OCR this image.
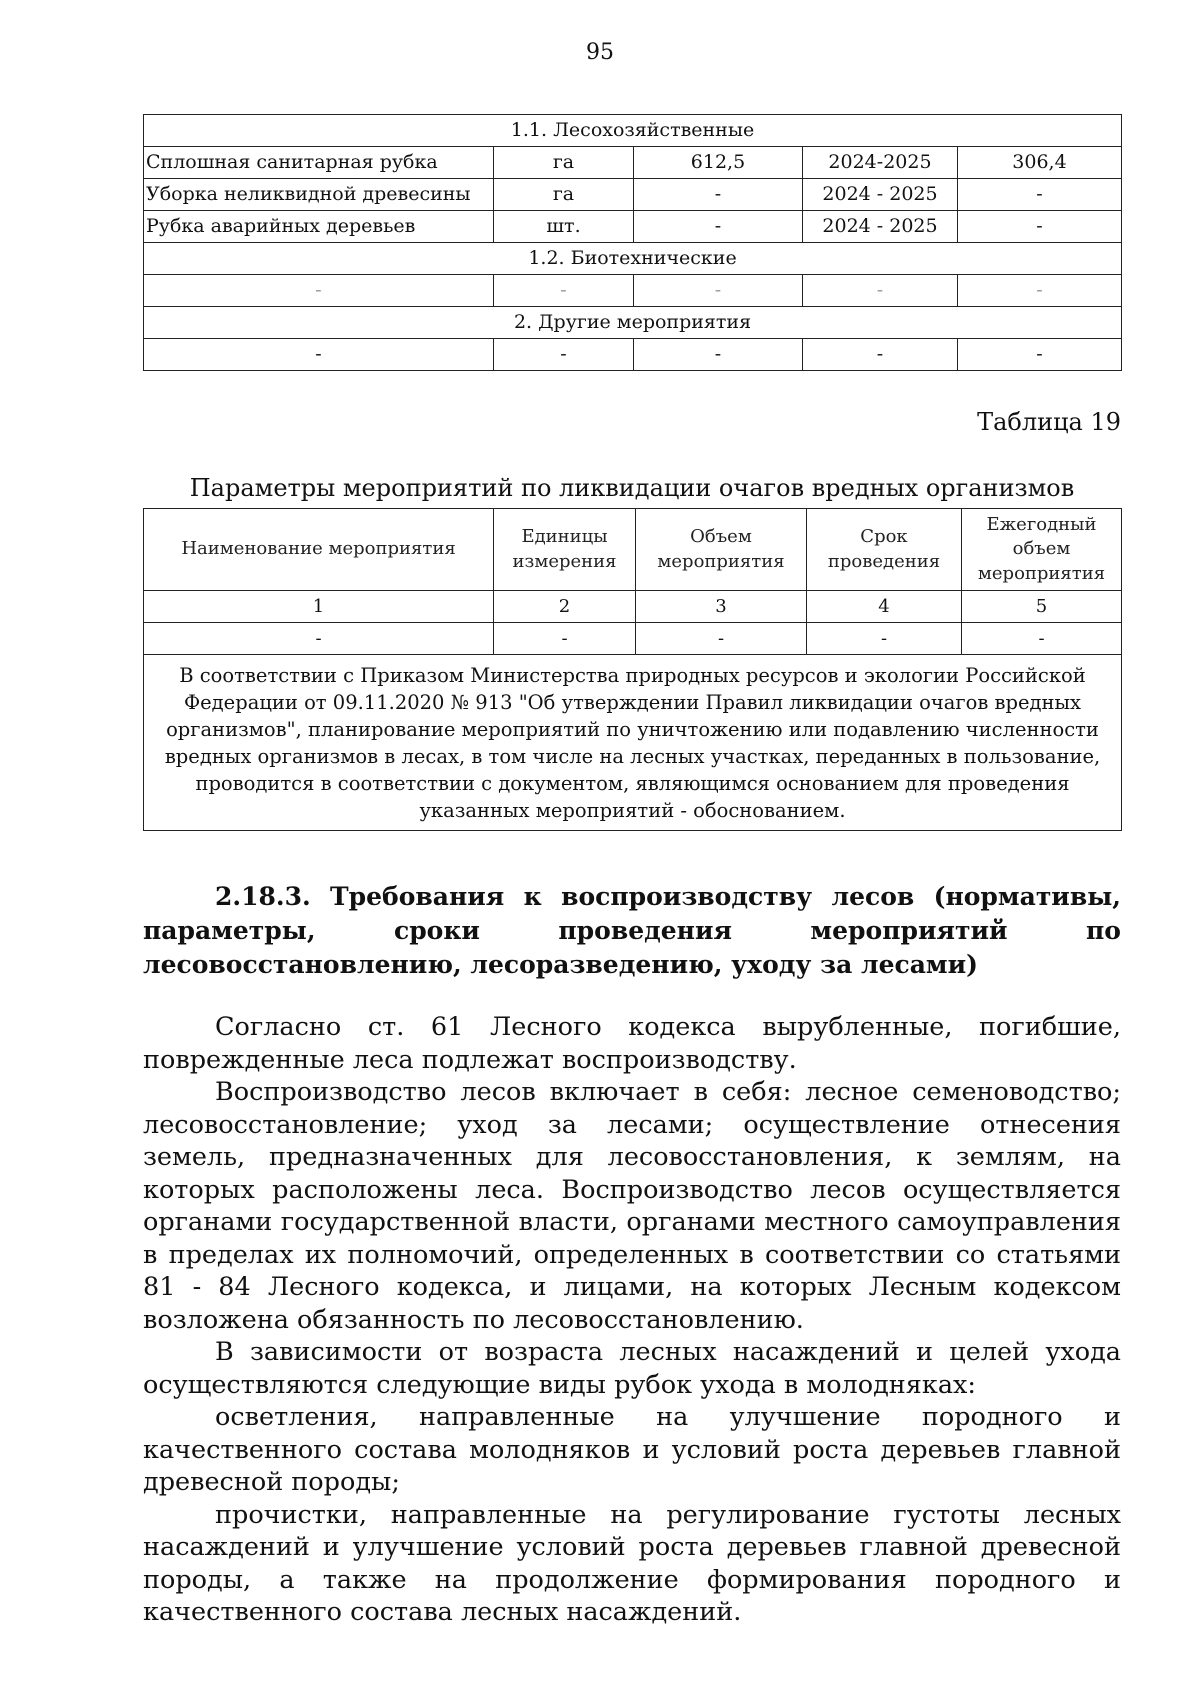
95
1.1. Лесохозяйственные				
Сплошная санитарная рубка	га	612,5	2024-2025	306,4
Уборка неликвидной древесины	га	-	2024 - 2025	-
Рубка аварийных деревьев	шт.	-	2024 - 2025	-
1.2. Биотехнические				
-	-	-	-	-
2. Другие мероприятия				
-	-	-	-	-
Таблица 19
Параметры мероприятий по ликвидации очагов вредных организмов
Наименование мероприятия	Единицы измерения	Объем мероприятия	Срок проведения	Ежегодный объем мероприятия
1	2	3	4	5
-	-	-	-	-
В соответствии с Приказом Министерства природных ресурсов и экологии Российской Федерации от 09.11.2020 № 913 "Об утверждении Правил ликвидации очагов вредных организмов", планирование мероприятий по уничтожению или подавлению численности вредных организмов в лесах, в том числе на лесных участках, переданных в пользование, проводится в соответствии с документом, являющимся основанием для проведения указанных мероприятий - обоснованием.				
2.18.3. Требования к воспроизводству лесов (нормативы, параметры, сроки проведения мероприятий по лесовосстановлению, лесоразведению, уходу за лесами)

Согласно ст. 61 Лесного кодекса вырубленные, погибшие, поврежденные леса подлежат воспроизводству.

Воспроизводство лесов включает в себя: лесное семеноводство; лесовосстановление; уход за лесами; осуществление отнесения земель, предназначенных для лесовосстановления, к землям, на которых расположены леса. Воспроизводство лесов осуществляется органами государственной власти, органами местного самоуправления в пределах их полномочий, определенных в соответствии со статьями 81 - 84 Лесного кодекса, и лицами, на которых Лесным кодексом возложена обязанность по лесовосстановлению.

В зависимости от возраста лесных насаждений и целей ухода осуществляются следующие виды рубок ухода в молодняках:

осветления, направленные на улучшение породного и качественного состава молодняков и условий роста деревьев главной древесной породы;

прочистки, направленные на регулирование густоты лесных насаждений и улучшение условий роста деревьев главной древесной породы, а также на продолжение формирования породного и качественного состава лесных насаждений.
